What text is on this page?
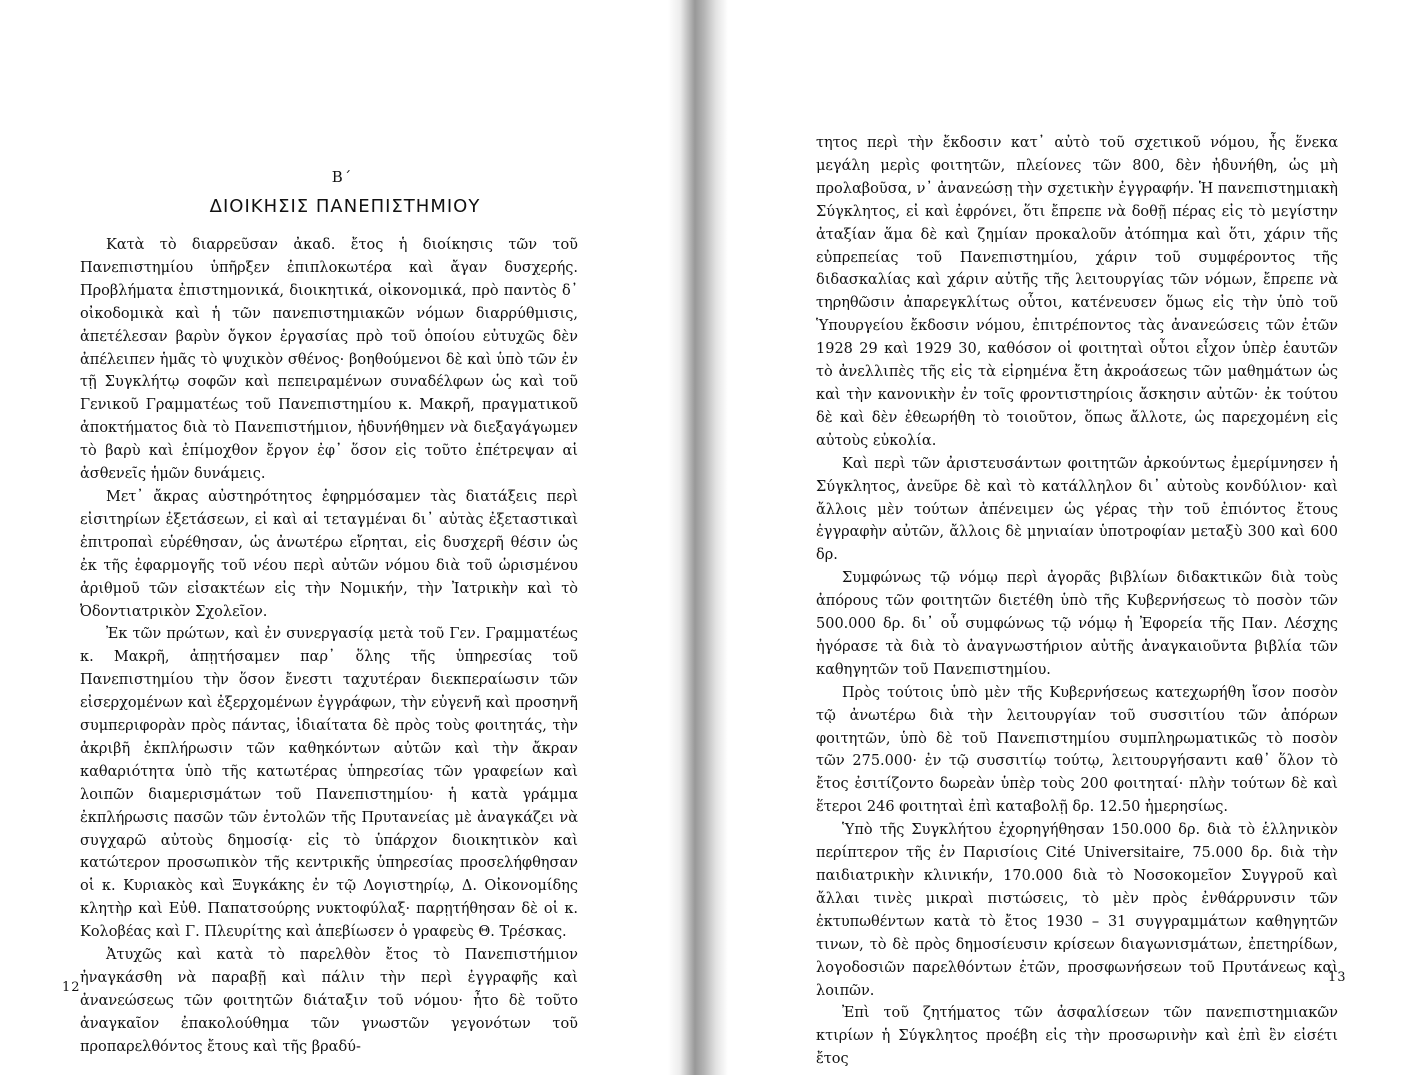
Β΄
ΔΙΟΙΚΗΣΙΣ ΠΑΝΕΠΙΣΤΗΜΙΟΥ

Κατὰ τὸ διαρρεῦσαν ἀκαδ. ἔτος ἡ διοίκησις τῶν τοῦ Πανεπιστημίου ὑπῆρξεν ἐπιπλοκωτέρα καὶ ἄγαν δυσχερής. Προβλήματα ἐπιστημονικά, διοικητικά, οἰκονομικά, πρὸ παντὸς δ᾽ οἰκοδομικὰ καὶ ἡ τῶν πανεπιστημιακῶν νόμων διαρρύθμισις, ἀπετέλεσαν βαρὺν ὄγκον ἐργασίας πρὸ τοῦ ὁποίου εὐτυχῶς δὲν ἀπέλειπεν ἡμᾶς τὸ ψυχικὸν σθένος· βοηθούμενοι δὲ καὶ ὑπὸ τῶν ἐν τῇ Συγκλήτῳ σοφῶν καὶ πεπειραμένων συναδέλφων ὡς καὶ τοῦ Γενικοῦ Γραμματέως τοῦ Πανεπιστημίου κ. Μακρῆ, πραγματικοῦ ἀποκτήματος διὰ τὸ Πανεπιστήμιον, ἠδυνήθημεν νὰ διεξαγάγωμεν τὸ βαρὺ καὶ ἐπίμοχθον ἔργον ἐφ᾽ ὅσον εἰς τοῦτο ἐπέτρεψαν αἱ ἀσθενεῖς ἡμῶν δυνάμεις.

Μετ᾽ ἄκρας αὐστηρότητος ἐφηρμόσαμεν τὰς διατάξεις περὶ εἰσιτηρίων ἐξετάσεων, εἰ καὶ αἱ τεταγμέναι δι᾽ αὐτὰς ἐξεταστικαὶ ἐπιτροπαὶ εὑρέθησαν, ὡς ἀνωτέρω εἴρηται, εἰς δυσχερῆ θέσιν ὡς ἐκ τῆς ἐφαρμογῆς τοῦ νέου περὶ αὐτῶν νόμου διὰ τοῦ ὡρισμένου ἀριθμοῦ τῶν εἰσακτέων εἰς τὴν Νομικήν, τὴν Ἰατρικὴν καὶ τὸ Ὀδοντιατρικὸν Σχολεῖον.

Ἐκ τῶν πρώτων, καὶ ἐν συνεργασίᾳ μετὰ τοῦ Γεν. Γραμματέως κ. Μακρῆ, ἀπῃτήσαμεν παρ᾽ ὅλης τῆς ὑπηρεσίας τοῦ Πανεπιστημίου τὴν ὅσον ἔνεστι ταχυτέραν διεκπεραίωσιν τῶν εἰσερχομένων καὶ ἐξερχομένων ἐγγράφων, τὴν εὐγενῆ καὶ προσηνῆ συμπεριφορὰν πρὸς πάντας, ἰδιαίτατα δὲ πρὸς τοὺς φοιτητάς, τὴν ἀκριβῆ ἐκπλήρωσιν τῶν καθηκόντων αὐτῶν καὶ τὴν ἄκραν καθαριότητα ὑπὸ τῆς κατωτέρας ὑπηρεσίας τῶν γραφείων καὶ λοιπῶν διαμερισμάτων τοῦ Πανεπιστημίου· ἡ κατὰ γράμμα ἐκπλήρωσις πασῶν τῶν ἐντολῶν τῆς Πρυτανείας μὲ ἀναγκάζει νὰ συγχαρῶ αὐτοὺς δημοσίᾳ· εἰς τὸ ὑπάρχον διοικητικὸν καὶ κατώτερον προσωπικὸν τῆς κεντρικῆς ὑπηρεσίας προσελήφθησαν οἱ κ. Κυριακὸς καὶ Ξυγκάκης ἐν τῷ Λογιστηρίῳ, Δ. Οἰκονομίδης κλητὴρ καὶ Εὐθ. Παπατσούρης νυκτοφύλαξ· παρῃτήθησαν δὲ οἱ κ. Κολοβέας καὶ Γ. Πλευρίτης καὶ ἀπεβίωσεν ὁ γραφεὺς Θ. Τρέσκας.

Ἀτυχῶς καὶ κατὰ τὸ παρελθὸν ἔτος τὸ Πανεπιστήμιον ἠναγκάσθη νὰ παραβῇ καὶ πάλιν τὴν περὶ ἐγγραφῆς καὶ ἀνανεώσεως τῶν φοιτητῶν διάταξιν τοῦ νόμου· ἦτο δὲ τοῦτο ἀναγκαῖον ἐπακολούθημα τῶν γνωστῶν γεγονότων τοῦ προπαρελθόντος ἔτους καὶ τῆς βραδύ-

12

τητος περὶ τὴν ἔκδοσιν κατ᾽ αὐτὸ τοῦ σχετικοῦ νόμου, ἧς ἕνεκα μεγάλη μερὶς φοιτητῶν, πλείονες τῶν 800, δὲν ἠδυνήθη, ὡς μὴ προλαβοῦσα, ν᾽ ἀνανεώσῃ τὴν σχετικὴν ἐγγραφήν. Ἡ πανεπιστημιακὴ Σύγκλητος, εἰ καὶ ἐφρόνει, ὅτι ἔπρεπε νὰ δοθῇ πέρας εἰς τὸ μεγίστην ἀταξίαν ἅμα δὲ καὶ ζημίαν προκαλοῦν ἀτόπημα καὶ ὅτι, χάριν τῆς εὐπρεπείας τοῦ Πανεπιστημίου, χάριν τοῦ συμφέροντος τῆς διδασκαλίας καὶ χάριν αὐτῆς τῆς λειτουργίας τῶν νόμων, ἔπρεπε νὰ τηρηθῶσιν ἀπαρεγκλίτως οὗτοι, κατένευσεν ὅμως εἰς τὴν ὑπὸ τοῦ Ὑπουργείου ἔκδοσιν νόμου, ἐπιτρέποντος τὰς ἀνανεώσεις τῶν ἐτῶν 1928 29 καὶ 1929 30, καθόσον οἱ φοιτηταὶ οὗτοι εἶχον ὑπὲρ ἑαυτῶν τὸ ἀνελλιπὲς τῆς εἰς τὰ εἰρημένα ἔτη ἀκροάσεως τῶν μαθημάτων ὡς καὶ τὴν κανονικὴν ἐν τοῖς φροντιστηρίοις ἄσκησιν αὐτῶν· ἐκ τούτου δὲ καὶ δὲν ἐθεωρήθη τὸ τοιοῦτον, ὅπως ἄλλοτε, ὡς παρεχομένη εἰς αὐτοὺς εὐκολία.

Καὶ περὶ τῶν ἀριστευσάντων φοιτητῶν ἀρκούντως ἐμερίμνησεν ἡ Σύγκλητος, ἀνεῦρε δὲ καὶ τὸ κατάλληλον δι᾽ αὐτοὺς κονδύλιον· καὶ ἄλλοις μὲν τούτων ἀπένειμεν ὡς γέρας τὴν τοῦ ἐπιόντος ἔτους ἐγγραφὴν αὐτῶν, ἄλλοις δὲ μηνιαίαν ὑποτροφίαν μεταξὺ 300 καὶ 600 δρ.

Συμφώνως τῷ νόμῳ περὶ ἀγορᾶς βιβλίων διδακτικῶν διὰ τοὺς ἀπόρους τῶν φοιτητῶν διετέθη ὑπὸ τῆς Κυβερνήσεως τὸ ποσὸν τῶν 500.000 δρ. δι᾽ οὗ συμφώνως τῷ νόμῳ ἡ Ἐφορεία τῆς Παν. Λέσχης ἠγόρασε τὰ διὰ τὸ ἀναγνωστήριον αὐτῆς ἀναγκαιοῦντα βιβλία τῶν καθηγητῶν τοῦ Πανεπιστημίου.

Πρὸς τούτοις ὑπὸ μὲν τῆς Κυβερνήσεως κατεχωρήθη ἴσον ποσὸν τῷ ἀνωτέρω διὰ τὴν λειτουργίαν τοῦ συσσιτίου τῶν ἀπόρων φοιτητῶν, ὑπὸ δὲ τοῦ Πανεπιστημίου συμπληρωματικῶς τὸ ποσὸν τῶν 275.000· ἐν τῷ συσσιτίῳ τούτῳ, λειτουργήσαντι καθ᾽ ὅλον τὸ ἔτος ἐσιτίζοντο δωρεὰν ὑπὲρ τοὺς 200 φοιτηταί· πλὴν τούτων δὲ καὶ ἕτεροι 246 φοιτηταὶ ἐπὶ καταβολῇ δρ. 12.50 ἡμερησίως.

Ὑπὸ τῆς Συγκλήτου ἐχορηγήθησαν 150.000 δρ. διὰ τὸ ἑλληνικὸν περίπτερον τῆς ἐν Παρισίοις Cité Universitaire, 75.000 δρ. διὰ τὴν παιδιατρικὴν κλινικήν, 170.000 διὰ τὸ Νοσοκομεῖον Συγγροῦ καὶ ἄλλαι τινὲς μικραὶ πιστώσεις, τὸ μὲν πρὸς ἐνθάρρυνσιν τῶν ἐκτυπωθέντων κατὰ τὸ ἔτος 1930 – 31 συγγραμμάτων καθηγητῶν τινων, τὸ δὲ πρὸς δημοσίευσιν κρίσεων διαγωνισμάτων, ἐπετηρίδων, λογοδοσιῶν παρελθόντων ἐτῶν, προσφωνήσεων τοῦ Πρυτάνεως καὶ λοιπῶν.

Ἐπὶ τοῦ ζητήματος τῶν ἀσφαλίσεων τῶν πανεπιστημιακῶν κτιρίων ἡ Σύγκλητος προέβη εἰς τὴν προσωρινὴν καὶ ἐπὶ ἓν εἰσέτι ἔτος

13
